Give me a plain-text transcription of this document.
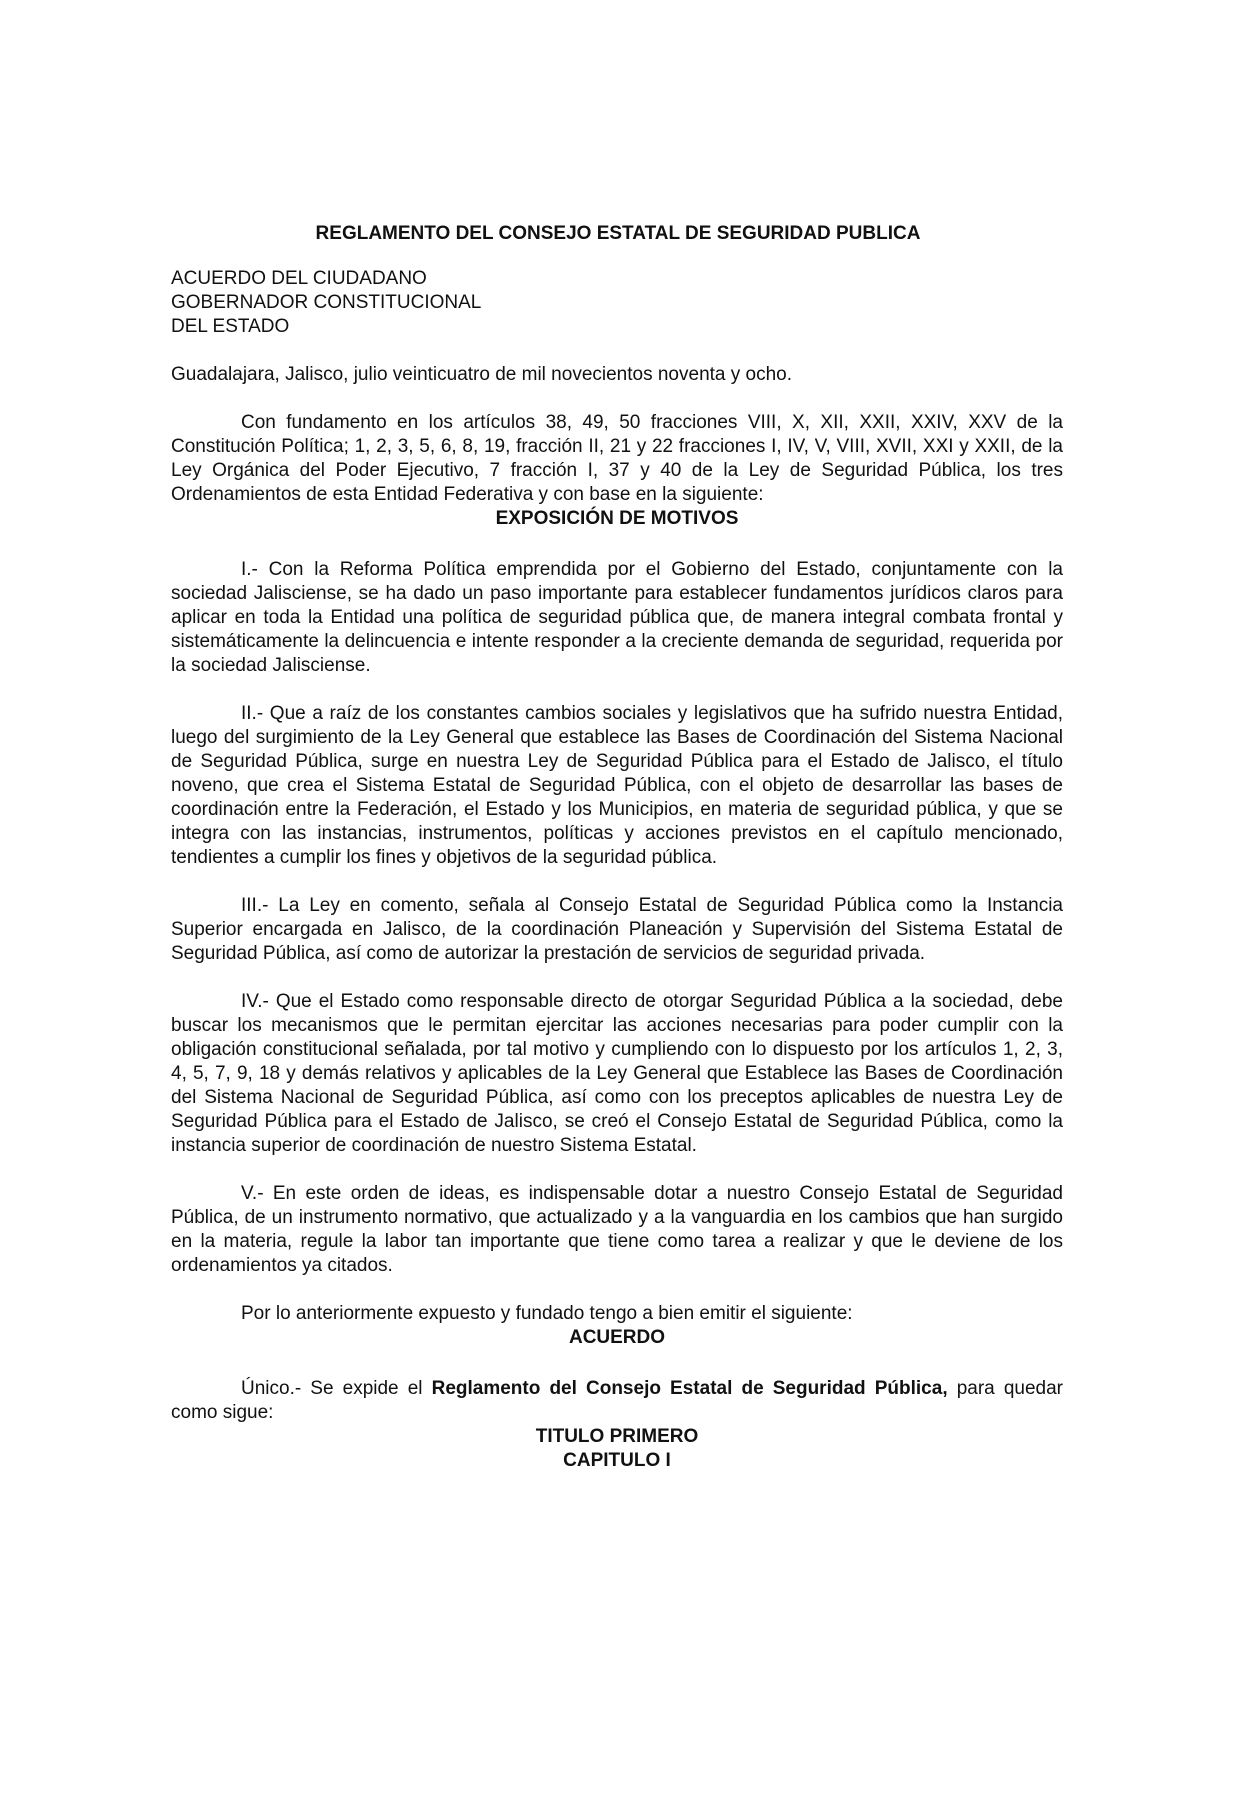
REGLAMENTO DEL CONSEJO ESTATAL DE SEGURIDAD PUBLICA

ACUERDO DEL CIUDADANO
GOBERNADOR CONSTITUCIONAL
DEL ESTADO

Guadalajara, Jalisco, julio veinticuatro de mil novecientos noventa y ocho.

Con fundamento en los artículos 38, 49, 50 fracciones VIII, X, XII, XXII, XXIV, XXV de la Constitución Política; 1, 2, 3, 5, 6, 8, 19, fracción II, 21 y 22 fracciones I, IV, V, VIII, XVII, XXI y XXII, de la Ley Orgánica del Poder Ejecutivo, 7 fracción I, 37 y 40 de la Ley de Seguridad Pública, los tres Ordenamientos de esta Entidad Federativa y con base en la siguiente:

EXPOSICIÓN DE MOTIVOS

I.- Con la Reforma Política emprendida por el Gobierno del Estado, conjuntamente con la sociedad Jalisciense, se ha dado un paso importante para establecer fundamentos jurídicos claros para aplicar en toda la Entidad una política de seguridad pública que, de manera integral combata frontal y sistemáticamente la delincuencia e intente responder a la creciente demanda de seguridad, requerida por la sociedad Jalisciense.

II.- Que a raíz de los constantes cambios sociales y legislativos que ha sufrido nuestra Entidad, luego del surgimiento de la Ley General que establece las Bases de Coordinación del Sistema Nacional de Seguridad Pública, surge en nuestra Ley de Seguridad Pública para el Estado de Jalisco, el título noveno, que crea el Sistema Estatal de Seguridad Pública, con el objeto de desarrollar las bases de coordinación entre la Federación, el Estado y los Municipios, en materia de seguridad pública, y que se integra con las instancias, instrumentos, políticas y acciones previstos en el capítulo mencionado, tendientes a cumplir los fines y objetivos de la seguridad pública.

III.- La Ley en comento, señala al Consejo Estatal de Seguridad Pública como la Instancia Superior encargada en Jalisco, de la coordinación Planeación y Supervisión del Sistema Estatal de Seguridad Pública, así como de autorizar la prestación de servicios de seguridad privada.

IV.- Que el Estado como responsable directo de otorgar Seguridad Pública a la sociedad, debe buscar los mecanismos que le permitan ejercitar las acciones necesarias para poder cumplir con la obligación constitucional señalada, por tal motivo y cumpliendo con lo dispuesto por los artículos 1, 2, 3, 4, 5, 7, 9, 18 y demás relativos y aplicables de la Ley General que Establece las Bases de Coordinación del Sistema Nacional de Seguridad Pública, así como con los preceptos aplicables de nuestra Ley de Seguridad Pública para el Estado de Jalisco, se creó el Consejo Estatal de Seguridad Pública, como la instancia superior de coordinación de nuestro Sistema Estatal.

V.- En este orden de ideas, es indispensable dotar a nuestro Consejo Estatal de Seguridad Pública, de un instrumento normativo, que actualizado y a la vanguardia en los cambios que han surgido en la materia, regule la labor tan importante que tiene como tarea a realizar y que le deviene de los ordenamientos ya citados.

Por lo anteriormente expuesto y fundado tengo a bien emitir el siguiente:

ACUERDO

Único.- Se expide el Reglamento del Consejo Estatal de Seguridad Pública, para quedar como sigue:

TITULO PRIMERO

CAPITULO I
